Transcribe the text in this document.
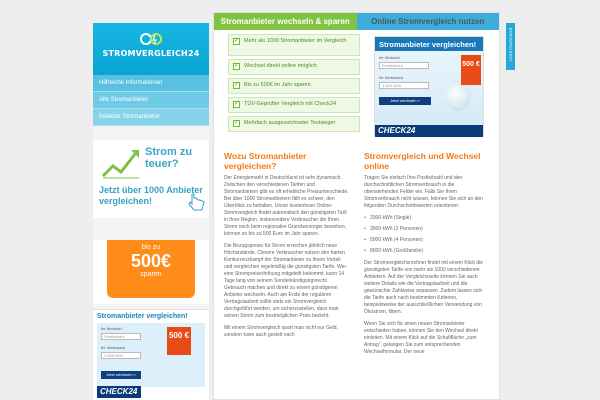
STROMVERGLEICH24
Hilfreiche Informationen
Alle Stromanbieter
Beliebte Stromanbieter
Strom zu teuer?
Jetzt über 1000 Anbieter vergleichen!
bis zu
500€
sparen
Stromanbieter vergleichen!
Ihr Wohnort
Postleitzahl
Ihr Verbrauch
1.500 kWh
Jetzt wechseln »
500 €
CHECK24
Stromanbieter wechseln & sparen	Online Stromvergleich nutzen
✓ Mehr als 1000 Stromanbieter im Vergleich
✓ Wechsel direkt online möglich
✓ Bis zu 500€ im Jahr sparen
✓ TÜV-Geprüfter Vergleich mit Check24
✓ Mehrfach ausgezeichneter Testsieger
Stromanbieter vergleichen!
Ihr Wohnort
Postleitzahl
Ihr Verbrauch
1.500 kWh
Jetzt wechseln »
500 €
CHECK24
Wozu Stromanbieter vergleichen?

Der Energiemarkt in Deutschland ist sehr dynamisch. Zwischen den verschiedenen Tarifen und Stromanbietern gibt es oft erhebliche Preisunterschiede. Bei über 1000 Stromanbietern fällt es schwer, den Überblick zu behalten. Unser kostenloser Online-Stromvergleich findet automatisch den günstigsten Tarif in Ihrer Region, insbesondere Verbraucher die Ihren Strom noch beim regionalen Grundversorger beziehen, können so bis zu 500 Euro im Jahr sparen.

Die Bezugspreise für Strom erreichen jährlich neue Höchststände. Clevere Verbraucher nutzen den harten Konkurrenzkampf der Stromanbieter zu ihrem Vorteil und vergleichen regelmäßig die günstigsten Tarife. Wer eine Strompreiserhöhung mitgeteilt bekommt, kann 14 Tage lang von seinem Sonderkündigungsrecht Gebrauch machen und direkt zu einem günstigeren Anbieter wechseln. Auch am Ende der regulären Vertragslaufzeit sollte stets ein Stromvergleich durchgeführt werden, um sicherzustellen, dass man seinen Strom zum bestmöglichen Preis bezieht.

Mit einem Stromvergleich spart man nicht nur Geld, sondern kann auch gezielt nach

Stromvergleich und Wechsel online

Tragen Sie einfach Ihre Postleitzahl und den durchschnittlichen Stromverbrauch in die obenstehenden Felder ein. Falls Sie Ihren Stromverbrauch nicht wissen, können Sie sich an den folgenden Durchschnittswerten orientieren:

• 2000 kWh (Single)
• 3500 kWh (2 Personen)
• 5000 kWh (4 Personen)
• 8000 kWh (Großfamilie)

Der Stromvergleichsrechner findet mit einem Klick die günstigsten Tarife von mehr als 1000 verschiedenen Anbietern. Auf der Vergleichsseite können Sie auch weitere Details wie die Vertragslaufzeit und die gewünschte Zahlweise anpassen. Zudem lassen sich die Tarife auch nach bestimmten Kriterien, beispielsweise der ausschließlichen Verwendung von Ökostrom, filtern.

Wenn Sie sich für einen neuen Stromanbieter entschieden haben, können Sie den Wechsel direkt einleiten. Mit einem Klick auf die Schaltfläche „zum Antrag", gelangen Sie zum entsprechenden Wechselformular. Der neue

BARVERGLEICH
